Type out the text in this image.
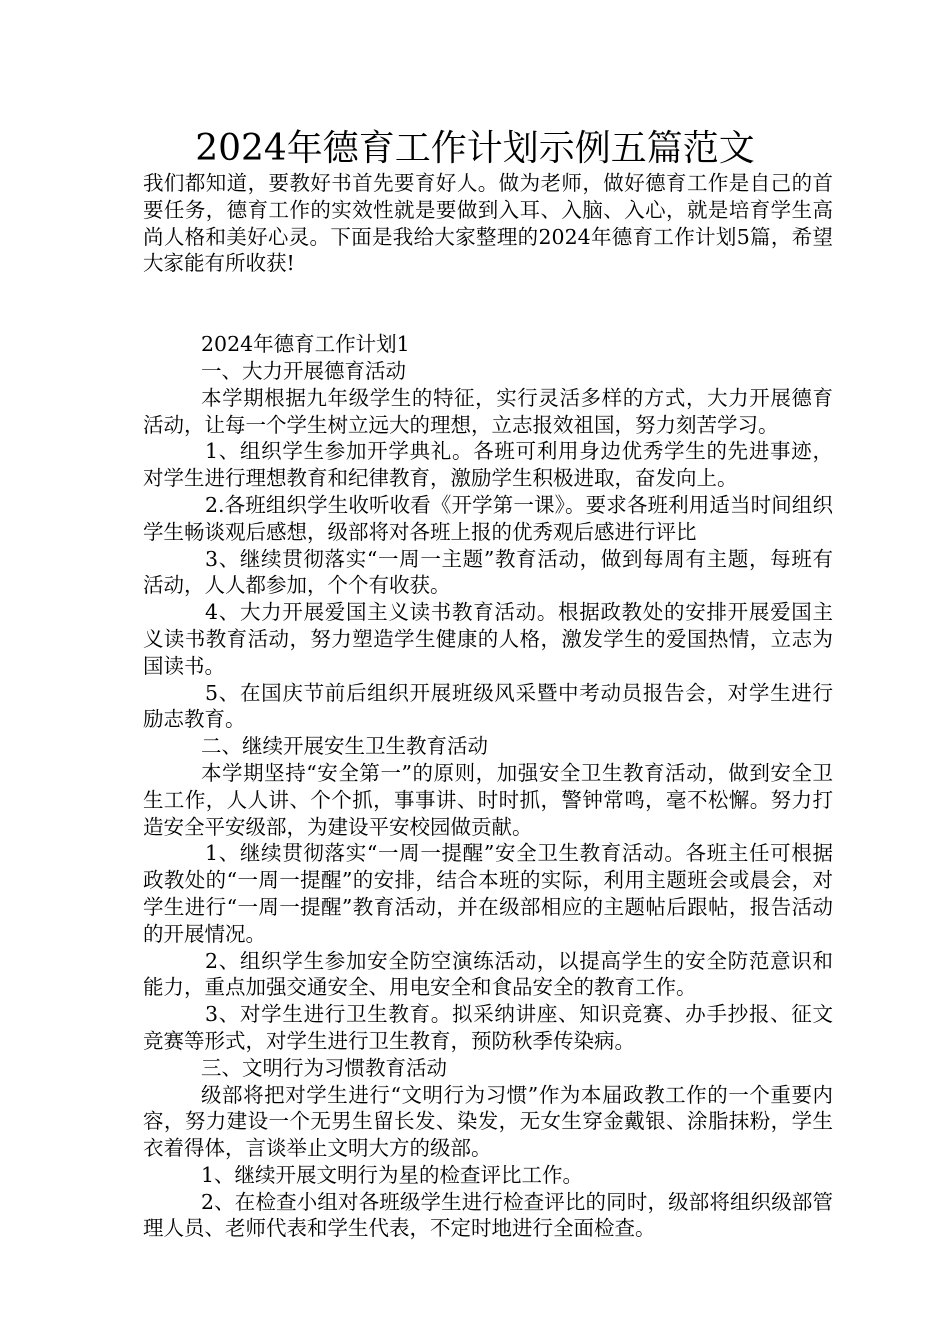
2024年德育工作计划示例五篇范文

我们都知道，要教好书首先要育好人。做为老师，做好德育工作是自己的首要任务，德育工作的实效性就是要做到入耳、入脑、入心，就是培育学生高尚人格和美好心灵。下面是我给大家整理的2024年德育工作计划5篇，希望大家能有所收获!

2024年德育工作计划1

一、大力开展德育活动

本学期根据九年级学生的特征，实行灵活多样的方式，大力开展德育活动，让每一个学生树立远大的理想，立志报效祖国，努力刻苦学习。

1、组织学生参加开学典礼。各班可利用身边优秀学生的先进事迹，对学生进行理想教育和纪律教育，激励学生积极进取，奋发向上。

2.各班组织学生收听收看《开学第一课》。要求各班利用适当时间组织学生畅谈观后感想，级部将对各班上报的优秀观后感进行评比

3、继续贯彻落实“一周一主题”教育活动，做到每周有主题，每班有活动，人人都参加，个个有收获。

4、大力开展爱国主义读书教育活动。根据政教处的安排开展爱国主义读书教育活动，努力塑造学生健康的人格，激发学生的爱国热情，立志为国读书。

5、在国庆节前后组织开展班级风采暨中考动员报告会，对学生进行励志教育。

二、继续开展安生卫生教育活动

本学期坚持“安全第一”的原则，加强安全卫生教育活动，做到安全卫生工作，人人讲、个个抓，事事讲、时时抓，警钟常鸣，毫不松懈。努力打造安全平安级部，为建设平安校园做贡献。

1、继续贯彻落实“一周一提醒”安全卫生教育活动。各班主任可根据政教处的“一周一提醒”的安排，结合本班的实际，利用主题班会或晨会，对学生进行“一周一提醒”教育活动，并在级部相应的主题帖后跟帖，报告活动的开展情况。

2、组织学生参加安全防空演练活动，以提高学生的安全防范意识和能力，重点加强交通安全、用电安全和食品安全的教育工作。

3、对学生进行卫生教育。拟采纳讲座、知识竞赛、办手抄报、征文竞赛等形式，对学生进行卫生教育，预防秋季传染病。

三、文明行为习惯教育活动

级部将把对学生进行“文明行为习惯”作为本届政教工作的一个重要内容，努力建设一个无男生留长发、染发，无女生穿金戴银、涂脂抹粉，学生衣着得体，言谈举止文明大方的级部。

1、继续开展文明行为星的检查评比工作。

2、在检查小组对各班级学生进行检查评比的同时，级部将组织级部管理人员、老师代表和学生代表，不定时地进行全面检查。
